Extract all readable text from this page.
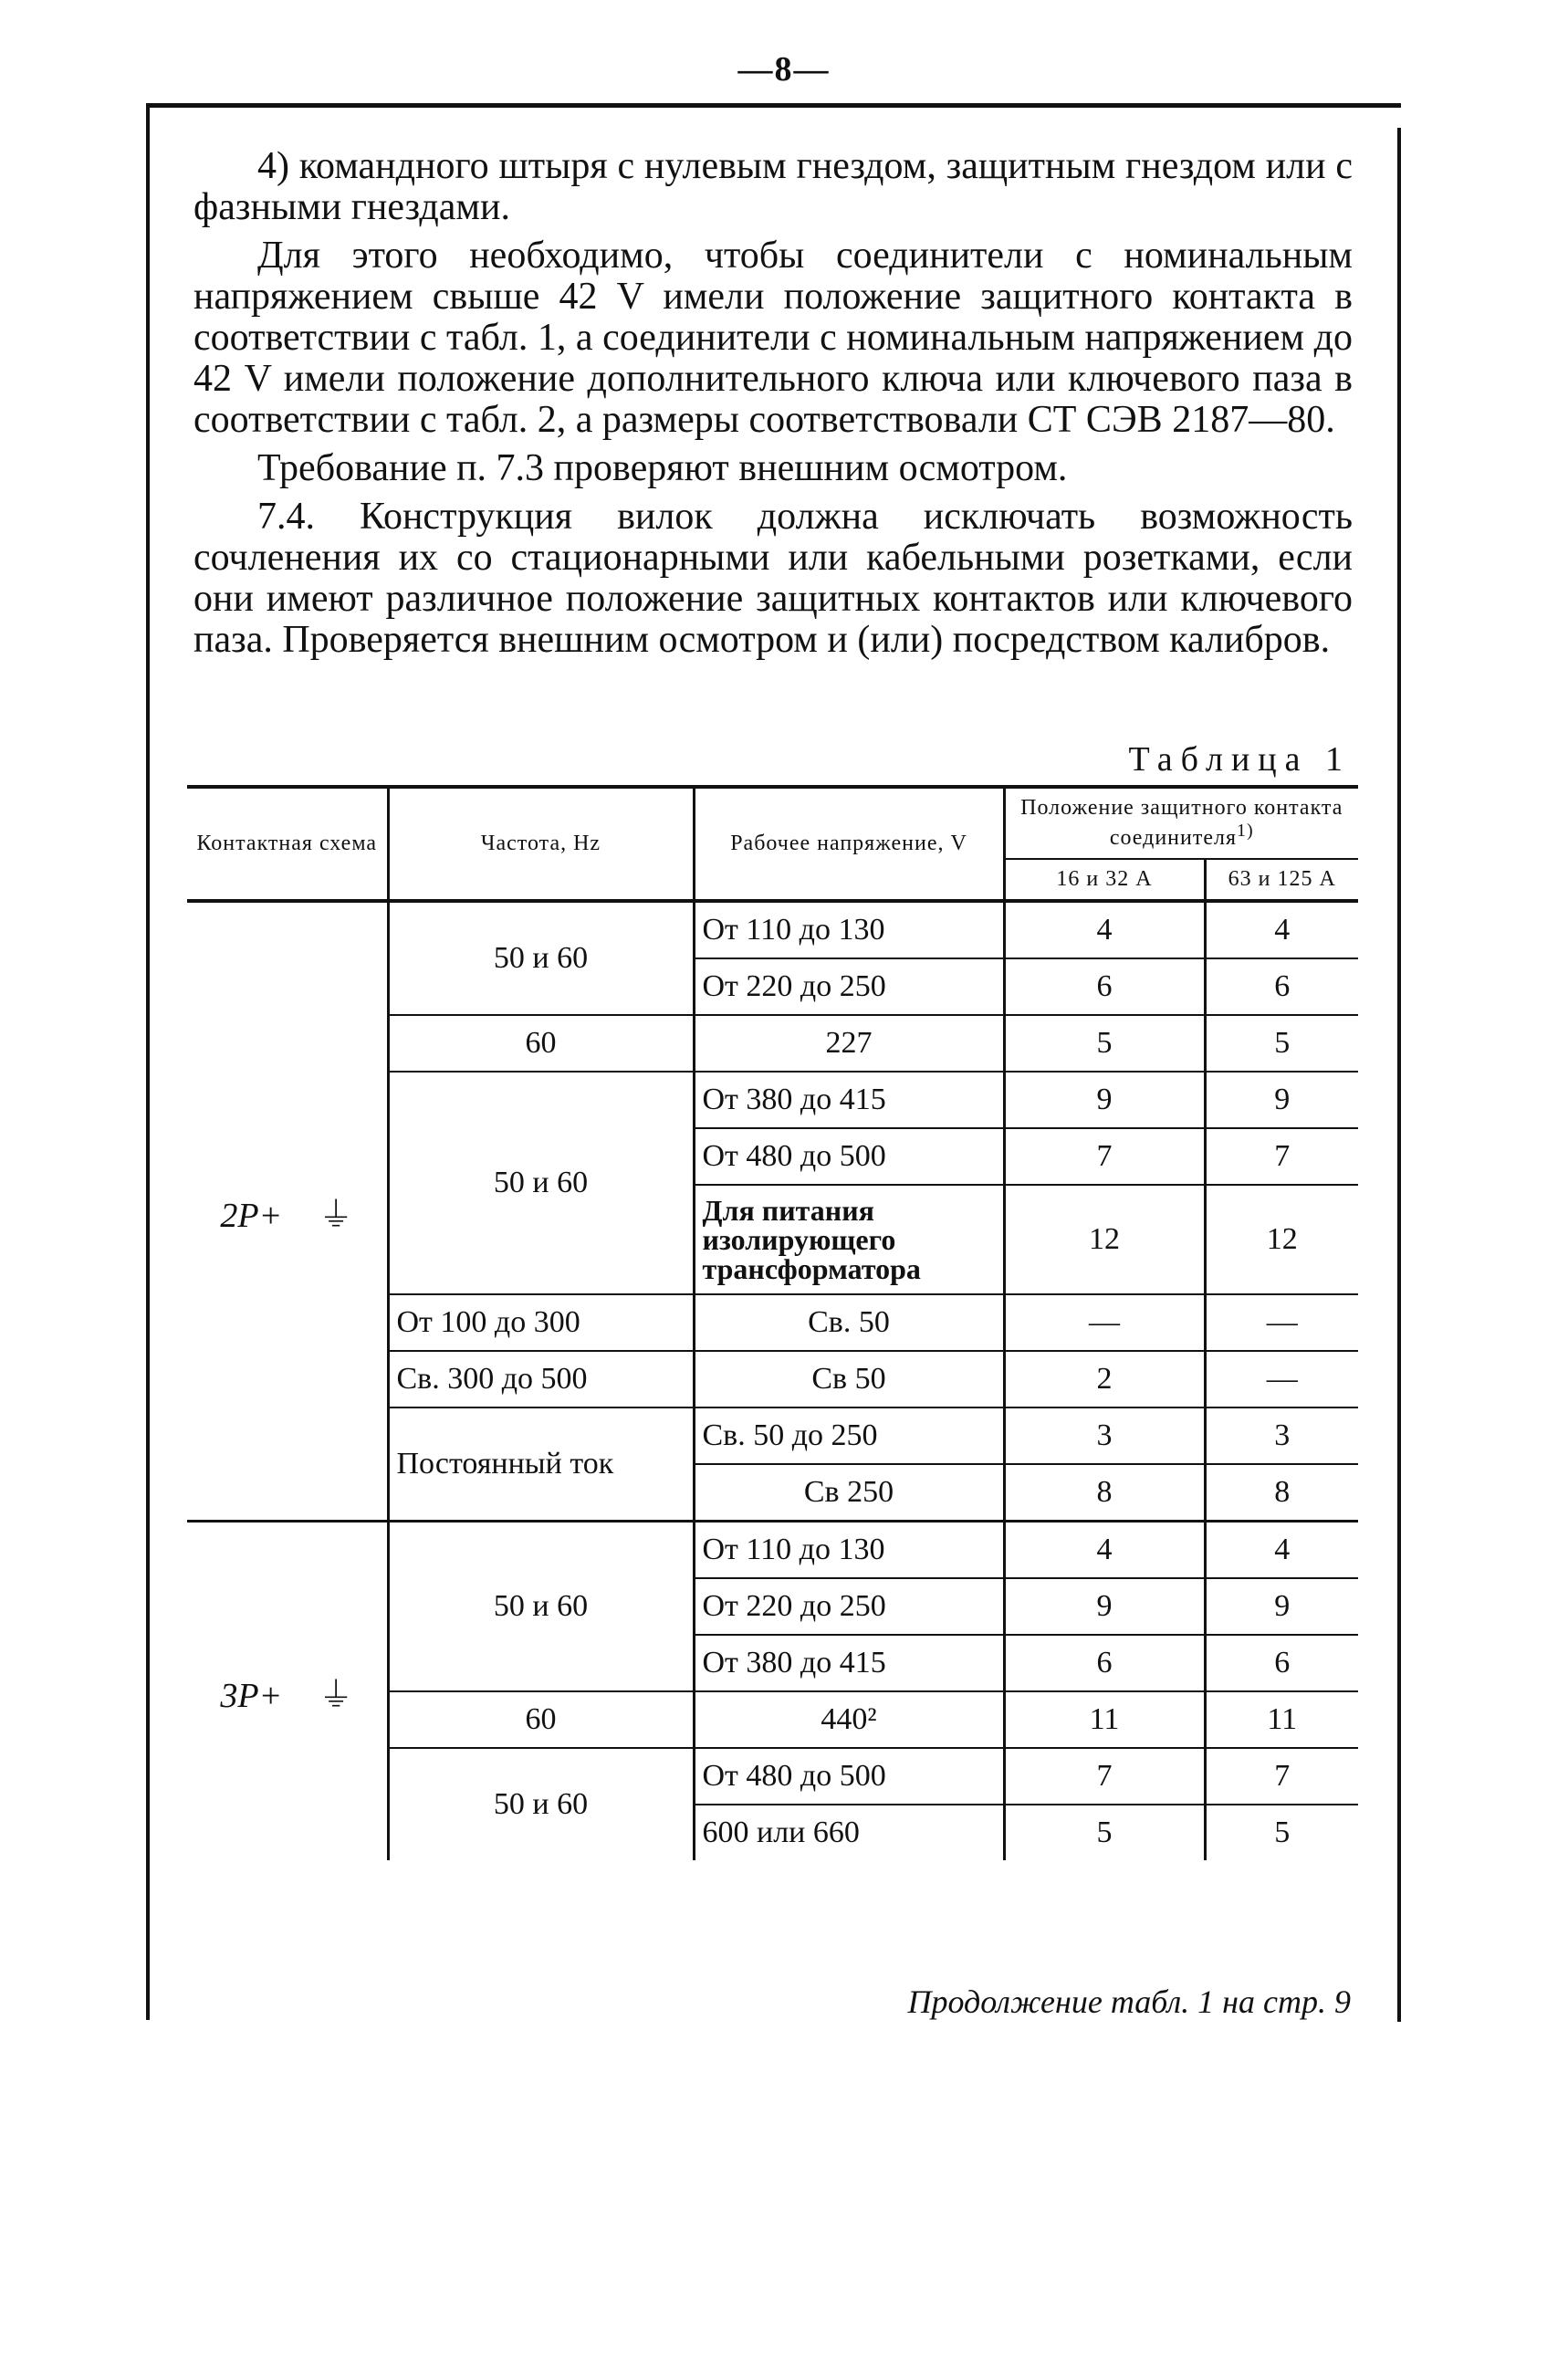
—8—

4) командного штыря с нулевым гнездом, защитным гнездом или с фазными гнездами.

Для этого необходимо, чтобы соединители с номинальным напряжением свыше 42 V имели положение защитного контакта в соответствии с табл. 1, а соединители с номинальным напряжением до 42 V имели положение дополнительного ключа или ключевого паза в соответствии с табл. 2, а размеры соответствовали СТ СЭВ 2187—80.

Требование п. 7.3 проверяют внешним осмотром.

7.4. Конструкция вилок должна исключать возможность сочленения их со стационарными или кабельными розетками, если они имеют различное положение защитных контактов или ключевого паза. Проверяется внешним осмотром и (или) посредством калибров.

Таблица 1
Контактная схема	Частота, Hz	Рабочее напряжение, V	Положение защитного контакта соединителя$^{1)}$
			16 и 32 A	63 и 125 A
2P+ ⏚	50 и 60	От 110 до 130	4	4
		От 220 до 250	6	6
	60	227	5	5
	50 и 60	От 380 до 415	9	9
		От 480 до 500	7	7
		Для питания изолирующего трансформатора	12	12
	От 100 до 300	Св. 50	—	—
	Св. 300 до 500	Св 50	2	—
	Постоянный ток	Св. 50 до 250	3	3
		Св 250	8	8
3P+ ⏚	50 и 60	От 110 до 130	4	4
		От 220 до 250	9	9
		От 380 до 415	6	6
	60	440²	11	11
	50 и 60	От 480 до 500	7	7
		600 или 660	5	5
Продолжение табл. 1 на стр. 9
